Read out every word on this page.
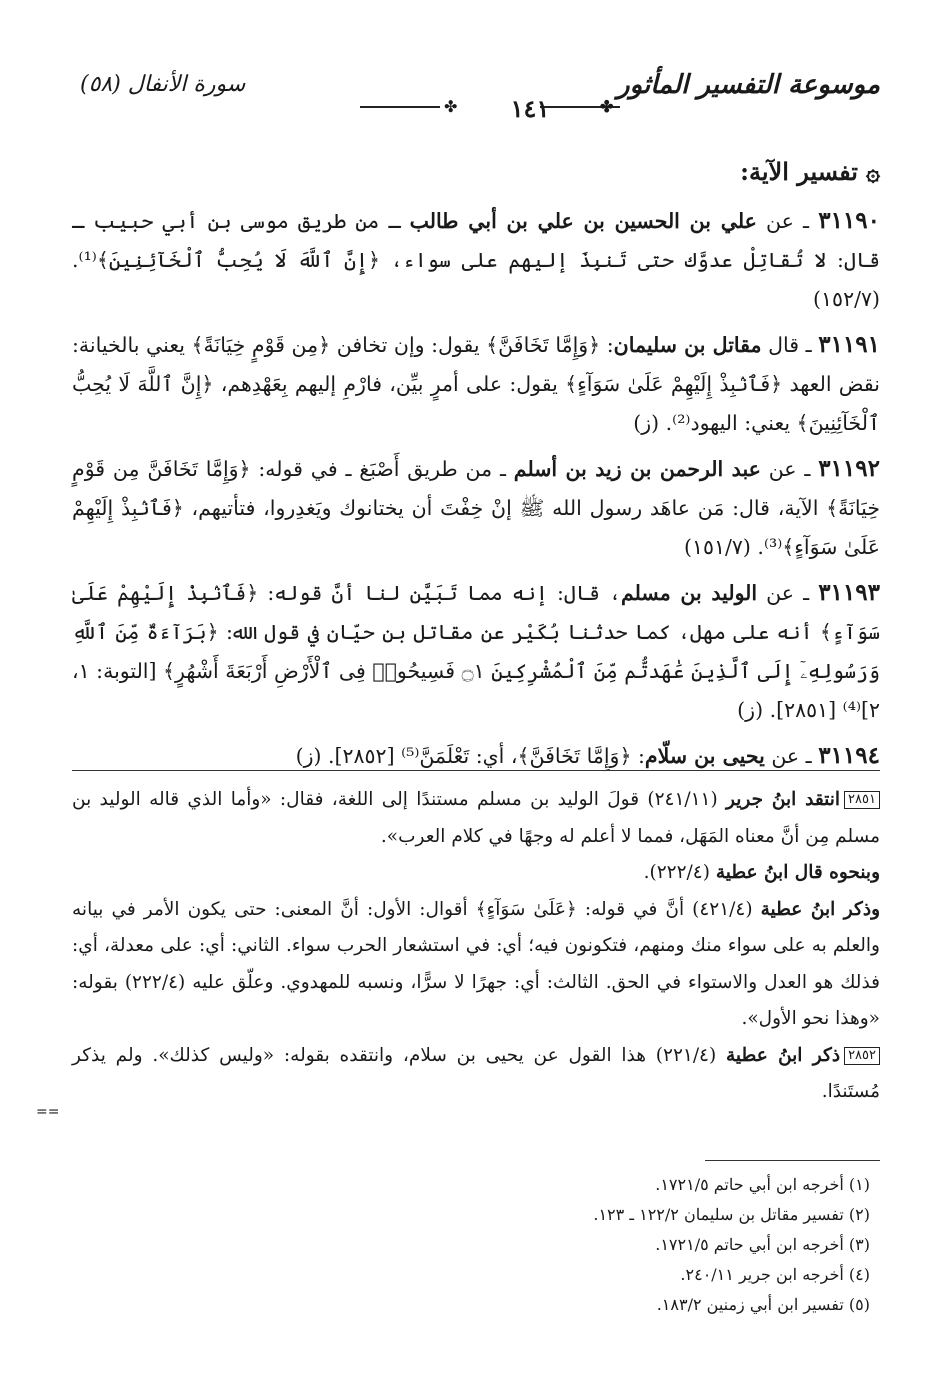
موسوعة التفسير المأثور
سورة الأنفال (٥٨)
✤
١٤١
✤

۞تفسير الآية:

٣١١٩٠ ـ عن علي بن الحسين بن علي بن أبي طالب ـ من طريق موسى بن أبي حبيب ـ قال: لا تُقاتِلْ عدوَّك حتى تَنبِذَ إليهم على سواء، ﴿إِنَّ ٱللَّهَ لَا يُحِبُّ ٱلْخَآئِنِينَ﴾⁽¹⁾. (١٥٢/٧)

٣١١٩١ ـ قال مقاتل بن سليمان: ﴿وَإِمَّا تَخَافَنَّ﴾ يقول: وإن تخافن ﴿مِن قَوْمٍ خِيَانَةً﴾ يعني بالخيانة: نقض العهد ﴿فَٱنۢبِذْ إِلَيْهِمْ عَلَىٰ سَوَآءٍ﴾ يقول: على أمرٍ بيِّن، فارْمِ إليهم بِعَهْدِهم، ﴿إِنَّ ٱللَّهَ لَا يُحِبُّ ٱلْخَآئِنِينَ﴾ يعني: اليهود⁽²⁾. (ز)

٣١١٩٢ ـ عن عبد الرحمن بن زيد بن أسلم ـ من طريق أَصْبَغ ـ في قوله: ﴿وَإِمَّا تَخَافَنَّ مِن قَوْمٍ خِيَانَةً﴾ الآية، قال: مَن عاهَد رسول الله ﷺ إنْ خِفْتَ أن يختانوك ويَغدِروا، فتأتيهم، ﴿فَٱنۢبِذْ إِلَيْهِمْ عَلَىٰ سَوَآءٍ﴾⁽³⁾. (١٥١/٧)

٣١١٩٣ ـ عن الوليد بن مسلم، قال: إنه مما تَبَيَّن لنا أنَّ قوله: ﴿فَٱنۢبِذْ إِلَيْهِمْ عَلَىٰ سَوَآءٍ﴾ أنه على مهل، كما حدثنا بُكَيْر عن مقاتل بن حيّان في قول الله: ﴿بَرَآءَةٌ مِّنَ ٱللَّهِ وَرَسُولِهِۦٓ إِلَى ٱلَّذِينَ عَٰهَدتُّم مِّنَ ٱلْمُشْرِكِينَ ۝١ فَسِيحُوا۟ فِى ٱلْأَرْضِ أَرْبَعَةَ أَشْهُرٍ﴾ [التوبة: ١، ٢]⁽⁴⁾ [٢٨٥١]. (ز)

٣١١٩٤ ـ عن يحيى بن سلّام: ﴿وَإِمَّا تَخَافَنَّ﴾، أي: تَعْلَمَنَّ⁽⁵⁾ [٢٨٥٢]. (ز)

٢٨٥١انتقد ابنُ جرير (٢٤١/١١) قولَ الوليد بن مسلم مستندًا إلى اللغة، فقال: «وأما الذي قاله الوليد بن مسلم مِن أنَّ معناه المَهَل، فمما لا أعلم له وجهًا في كلام العرب».

وبنحوه قال ابنُ عطية (٢٢٢/٤).

وذكر ابنُ عطية (٤٢١/٤) أنَّ في قوله: ﴿عَلَىٰ سَوَآءٍ﴾ أقوال: الأول: أنَّ المعنى: حتى يكون الأمر في بيانه والعلم به على سواء منك ومنهم، فتكونون فيه؛ أي: في استشعار الحرب سواء. الثاني: أي: على معدلة، أي: فذلك هو العدل والاستواء في الحق. الثالث: أي: جهرًا لا سرًّا، ونسبه للمهدوي. وعلّق عليه (٢٢٢/٤) بقوله: «وهذا نحو الأول».

٢٨٥٢ذكر ابنُ عطية (٢٢١/٤) هذا القول عن يحيى بن سلام، وانتقده بقوله: «وليس كذلك». ولم يذكر مُستَندًا.

==
(١) أخرجه ابن أبي حاتم ١٧٢١/٥.
(٢) تفسير مقاتل بن سليمان ١٢٢/٢ ـ ١٢٣.
(٣) أخرجه ابن أبي حاتم ١٧٢١/٥.
(٤) أخرجه ابن جرير ٢٤٠/١١.
(٥) تفسير ابن أبي زمنين ١٨٣/٢.
